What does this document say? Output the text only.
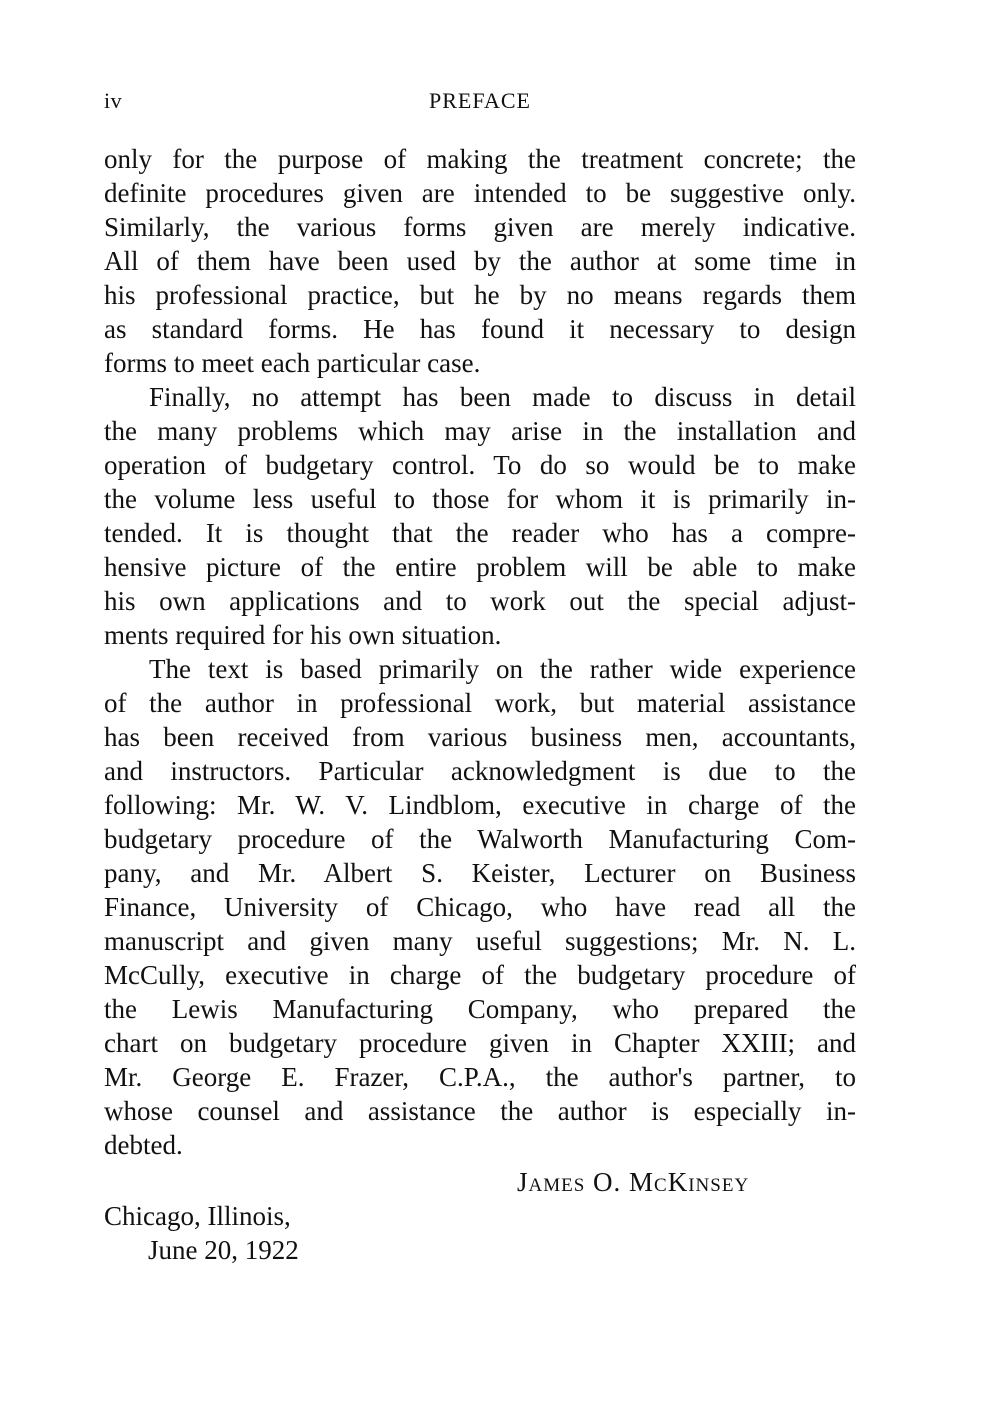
iv	PREFACE

only for the purpose of making the treatment concrete; the
definite procedures given are intended to be suggestive only.
Similarly, the various forms given are merely indicative.
All of them have been used by the author at some time in
his professional practice, but he by no means regards them
as standard forms. He has found it necessary to design
forms to meet each particular case.

Finally, no attempt has been made to discuss in detail
the many problems which may arise in the installation and
operation of budgetary control. To do so would be to make
the volume less useful to those for whom it is primarily in-
tended. It is thought that the reader who has a compre-
hensive picture of the entire problem will be able to make
his own applications and to work out the special adjust-
ments required for his own situation.

The text is based primarily on the rather wide experience
of the author in professional work, but material assistance
has been received from various business men, accountants,
and instructors. Particular acknowledgment is due to the
following: Mr. W. V. Lindblom, executive in charge of the
budgetary procedure of the Walworth Manufacturing Com-
pany, and Mr. Albert S. Keister, Lecturer on Business
Finance, University of Chicago, who have read all the
manuscript and given many useful suggestions; Mr. N. L.
McCully, executive in charge of the budgetary procedure of
the Lewis Manufacturing Company, who prepared the
chart on budgetary procedure given in Chapter XXIII; and
Mr. George E. Frazer, C.P.A., the author's partner, to
whose counsel and assistance the author is especially in-
debted.

James O. McKinsey
Chicago, Illinois,
June 20, 1922
